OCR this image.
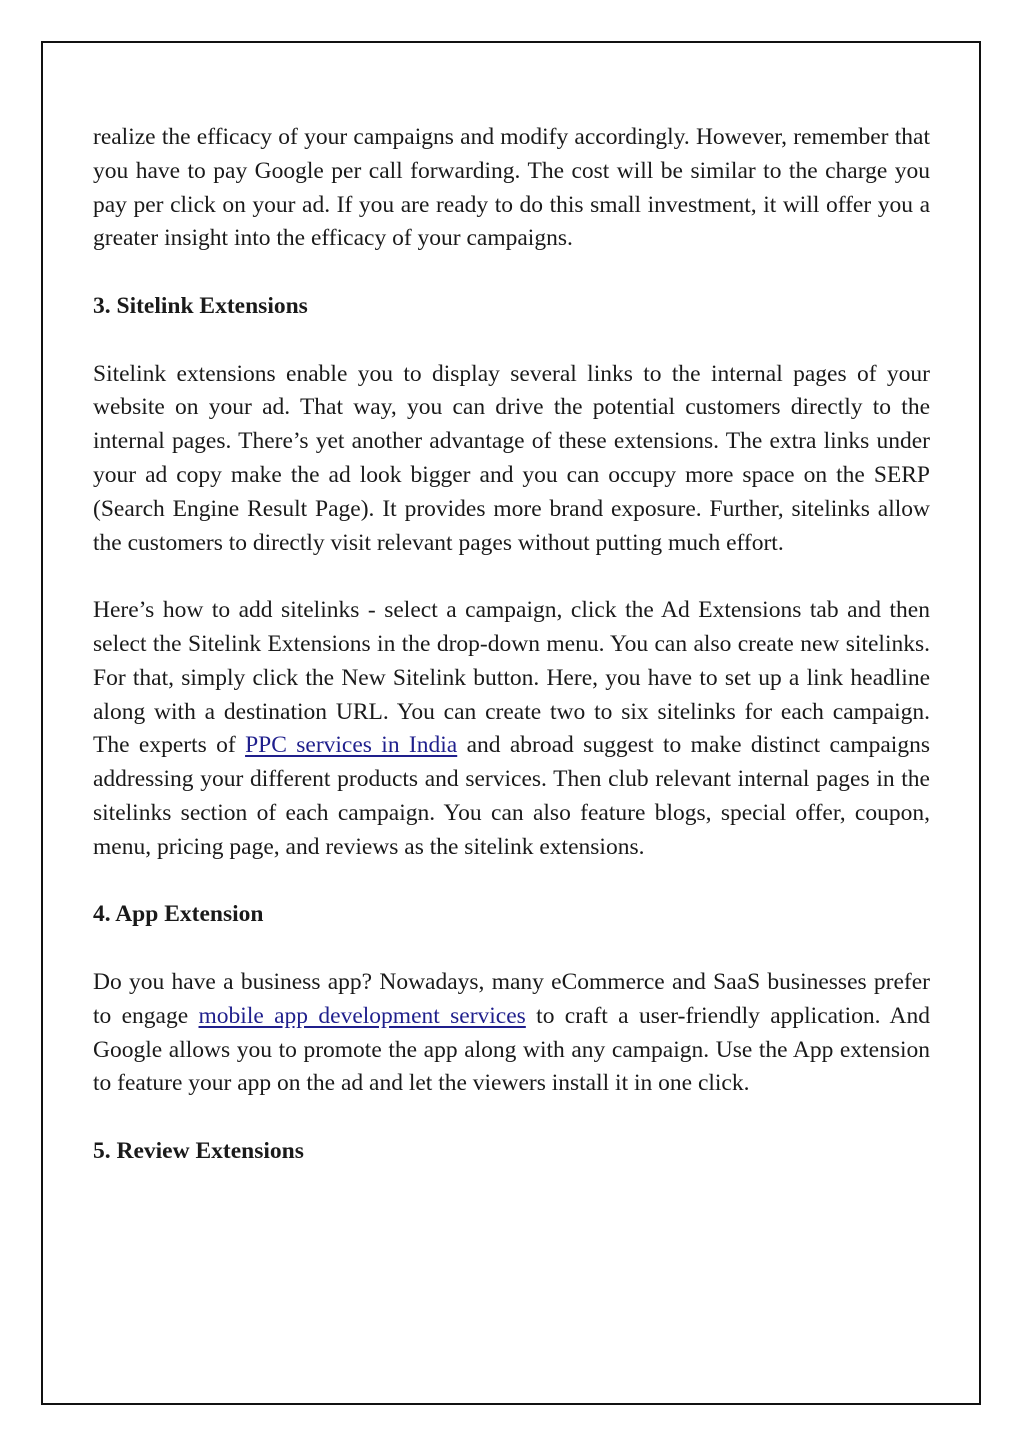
realize the efficacy of your campaigns and modify accordingly. However, remember that you have to pay Google per call forwarding. The cost will be similar to the charge you pay per click on your ad. If you are ready to do this small investment, it will offer you a greater insight into the efficacy of your campaigns.

3. Sitelink Extensions

Sitelink extensions enable you to display several links to the internal pages of your website on your ad. That way, you can drive the potential customers directly to the internal pages. There’s yet another advantage of these extensions. The extra links under your ad copy make the ad look bigger and you can occupy more space on the SERP (Search Engine Result Page). It provides more brand exposure. Further, sitelinks allow the customers to directly visit relevant pages without putting much effort.

Here’s how to add sitelinks - select a campaign, click the Ad Extensions tab and then select the Sitelink Extensions in the drop-down menu. You can also create new sitelinks. For that, simply click the New Sitelink button. Here, you have to set up a link headline along with a destination URL. You can create two to six sitelinks for each campaign. The experts of PPC services in India and abroad suggest to make distinct campaigns addressing your different products and services. Then club relevant internal pages in the sitelinks section of each campaign. You can also feature blogs, special offer, coupon, menu, pricing page, and reviews as the sitelink extensions.

4. App Extension

Do you have a business app? Nowadays, many eCommerce and SaaS businesses prefer to engage mobile app development services to craft a user-friendly application. And Google allows you to promote the app along with any campaign. Use the App extension to feature your app on the ad and let the viewers install it in one click.

5. Review Extensions
